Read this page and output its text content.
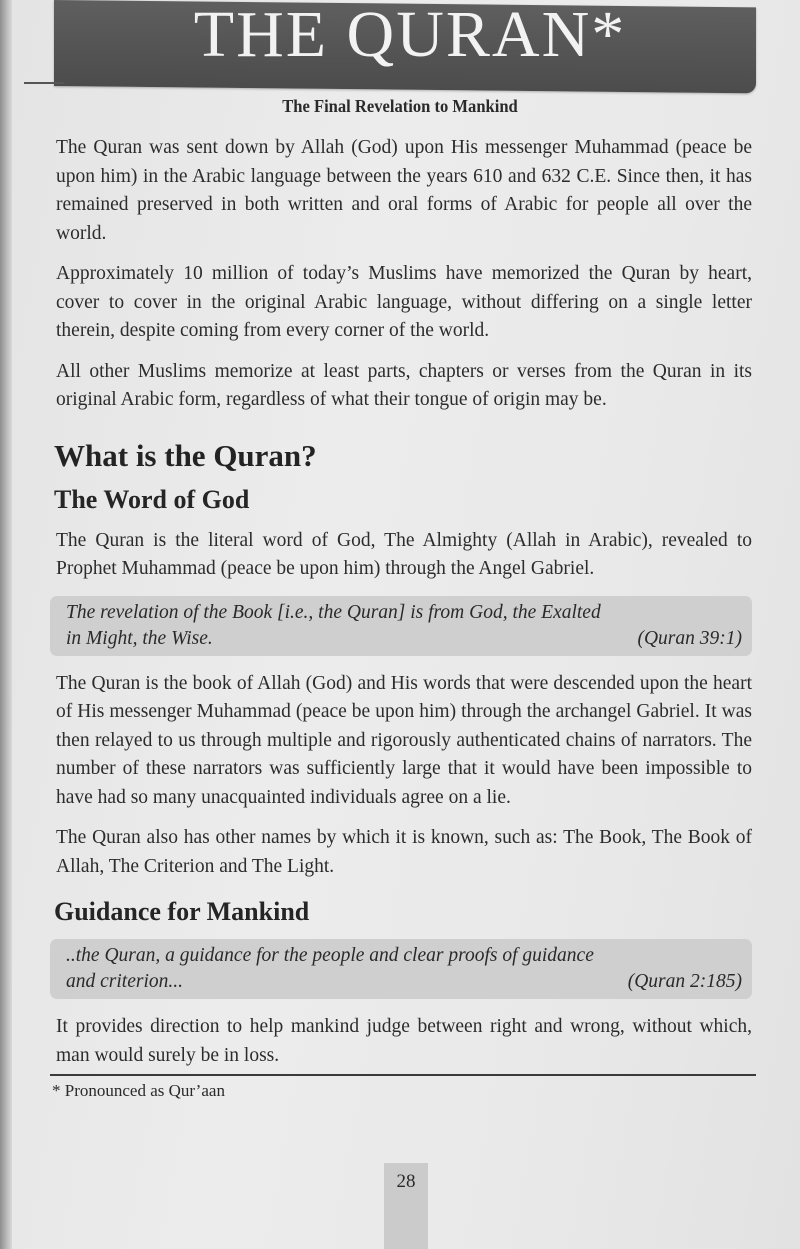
THE QURAN*
The Final Revelation to Mankind

The Quran was sent down by Allah (God) upon His messenger Muhammad (peace be upon him) in the Arabic language between the years 610 and 632 C.E. Since then, it has remained preserved in both written and oral forms of Arabic for people all over the world.

Approximately 10 million of today’s Muslims have memorized the Quran by heart, cover to cover in the original Arabic language, without differing on a single letter therein, despite coming from every corner of the world.

All other Muslims memorize at least parts, chapters or verses from the Quran in its original Arabic form, regardless of what their tongue of origin may be.

What is the Quran?
The Word of God

The Quran is the literal word of God, The Almighty (Allah in Arabic), revealed to Prophet Muhammad (peace be upon him) through the Angel Gabriel.

The revelation of the Book [i.e., the Quran] is from God, the Exalted
in Might, the Wise.	(Quran 39:1)

The Quran is the book of Allah (God) and His words that were descended upon the heart of His messenger Muhammad (peace be upon him) through the archangel Gabriel. It was then relayed to us through multiple and rigorously authenticated chains of narrators. The number of these narrators was sufficiently large that it would have been impossible to have had so many unacquainted individuals agree on a lie.

The Quran also has other names by which it is known, such as: The Book, The Book of Allah, The Criterion and The Light.

Guidance for Mankind
..the Quran, a guidance for the people and clear proofs of guidance
and criterion...	(Quran 2:185)

It provides direction to help mankind judge between right and wrong, without which, man would surely be in loss.

* Pronounced as Qur’aan
28
